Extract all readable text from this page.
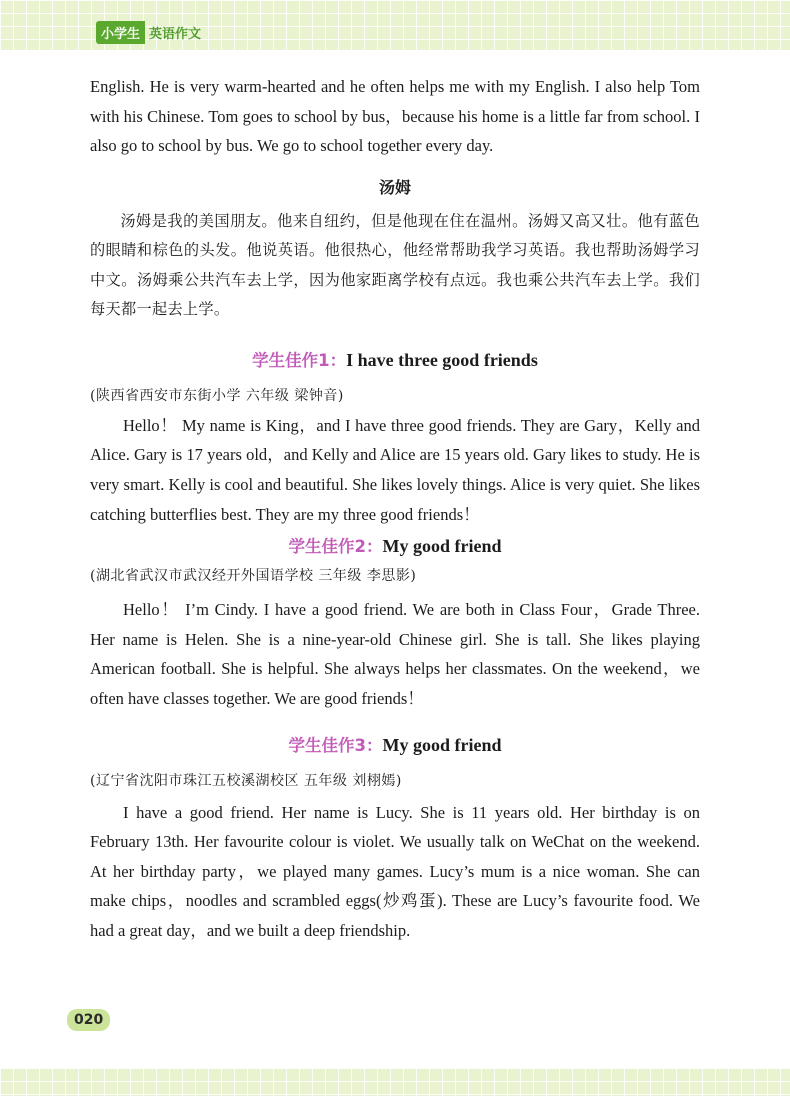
小学生 英语作文

English. He is very warm-hearted and he often helps me with my English. I also help Tom with his Chinese. Tom goes to school by bus，because his home is a little far from school. I also go to school by bus. We go to school together every day.

汤姆

汤姆是我的美国朋友。他来自纽约，但是他现在住在温州。汤姆又高又壮。他有蓝色的眼睛和棕色的头发。他说英语。他很热心，他经常帮助我学习英语。我也帮助汤姆学习中文。汤姆乘公共汽车去上学，因为他家距离学校有点远。我也乘公共汽车去上学。我们每天都一起去上学。

学生佳作1：I have three good friends

(陕西省西安市东街小学 六年级 梁钟音)

Hello！ My name is King，and I have three good friends. They are Gary，Kelly and Alice. Gary is 17 years old，and Kelly and Alice are 15 years old. Gary likes to study. He is very smart. Kelly is cool and beautiful. She likes lovely things. Alice is very quiet. She likes catching butterflies best. They are my three good friends！

学生佳作2：My good friend

(湖北省武汉市武汉经开外国语学校 三年级 李思影)

Hello！ I’m Cindy. I have a good friend. We are both in Class Four，Grade Three. Her name is Helen. She is a nine-year-old Chinese girl. She is tall. She likes playing American football. She is helpful. She always helps her classmates. On the weekend，we often have classes together. We are good friends！

学生佳作3：My good friend

(辽宁省沈阳市珠江五校溪湖校区 五年级 刘栩嫣)

I have a good friend. Her name is Lucy. She is 11 years old. Her birthday is on February 13th. Her favourite colour is violet. We usually talk on WeChat on the weekend. At her birthday party，we played many games. Lucy’s mum is a nice woman. She can make chips，noodles and scrambled eggs(炒鸡蛋). These are Lucy’s favourite food. We had a great day，and we built a deep friendship.

020
